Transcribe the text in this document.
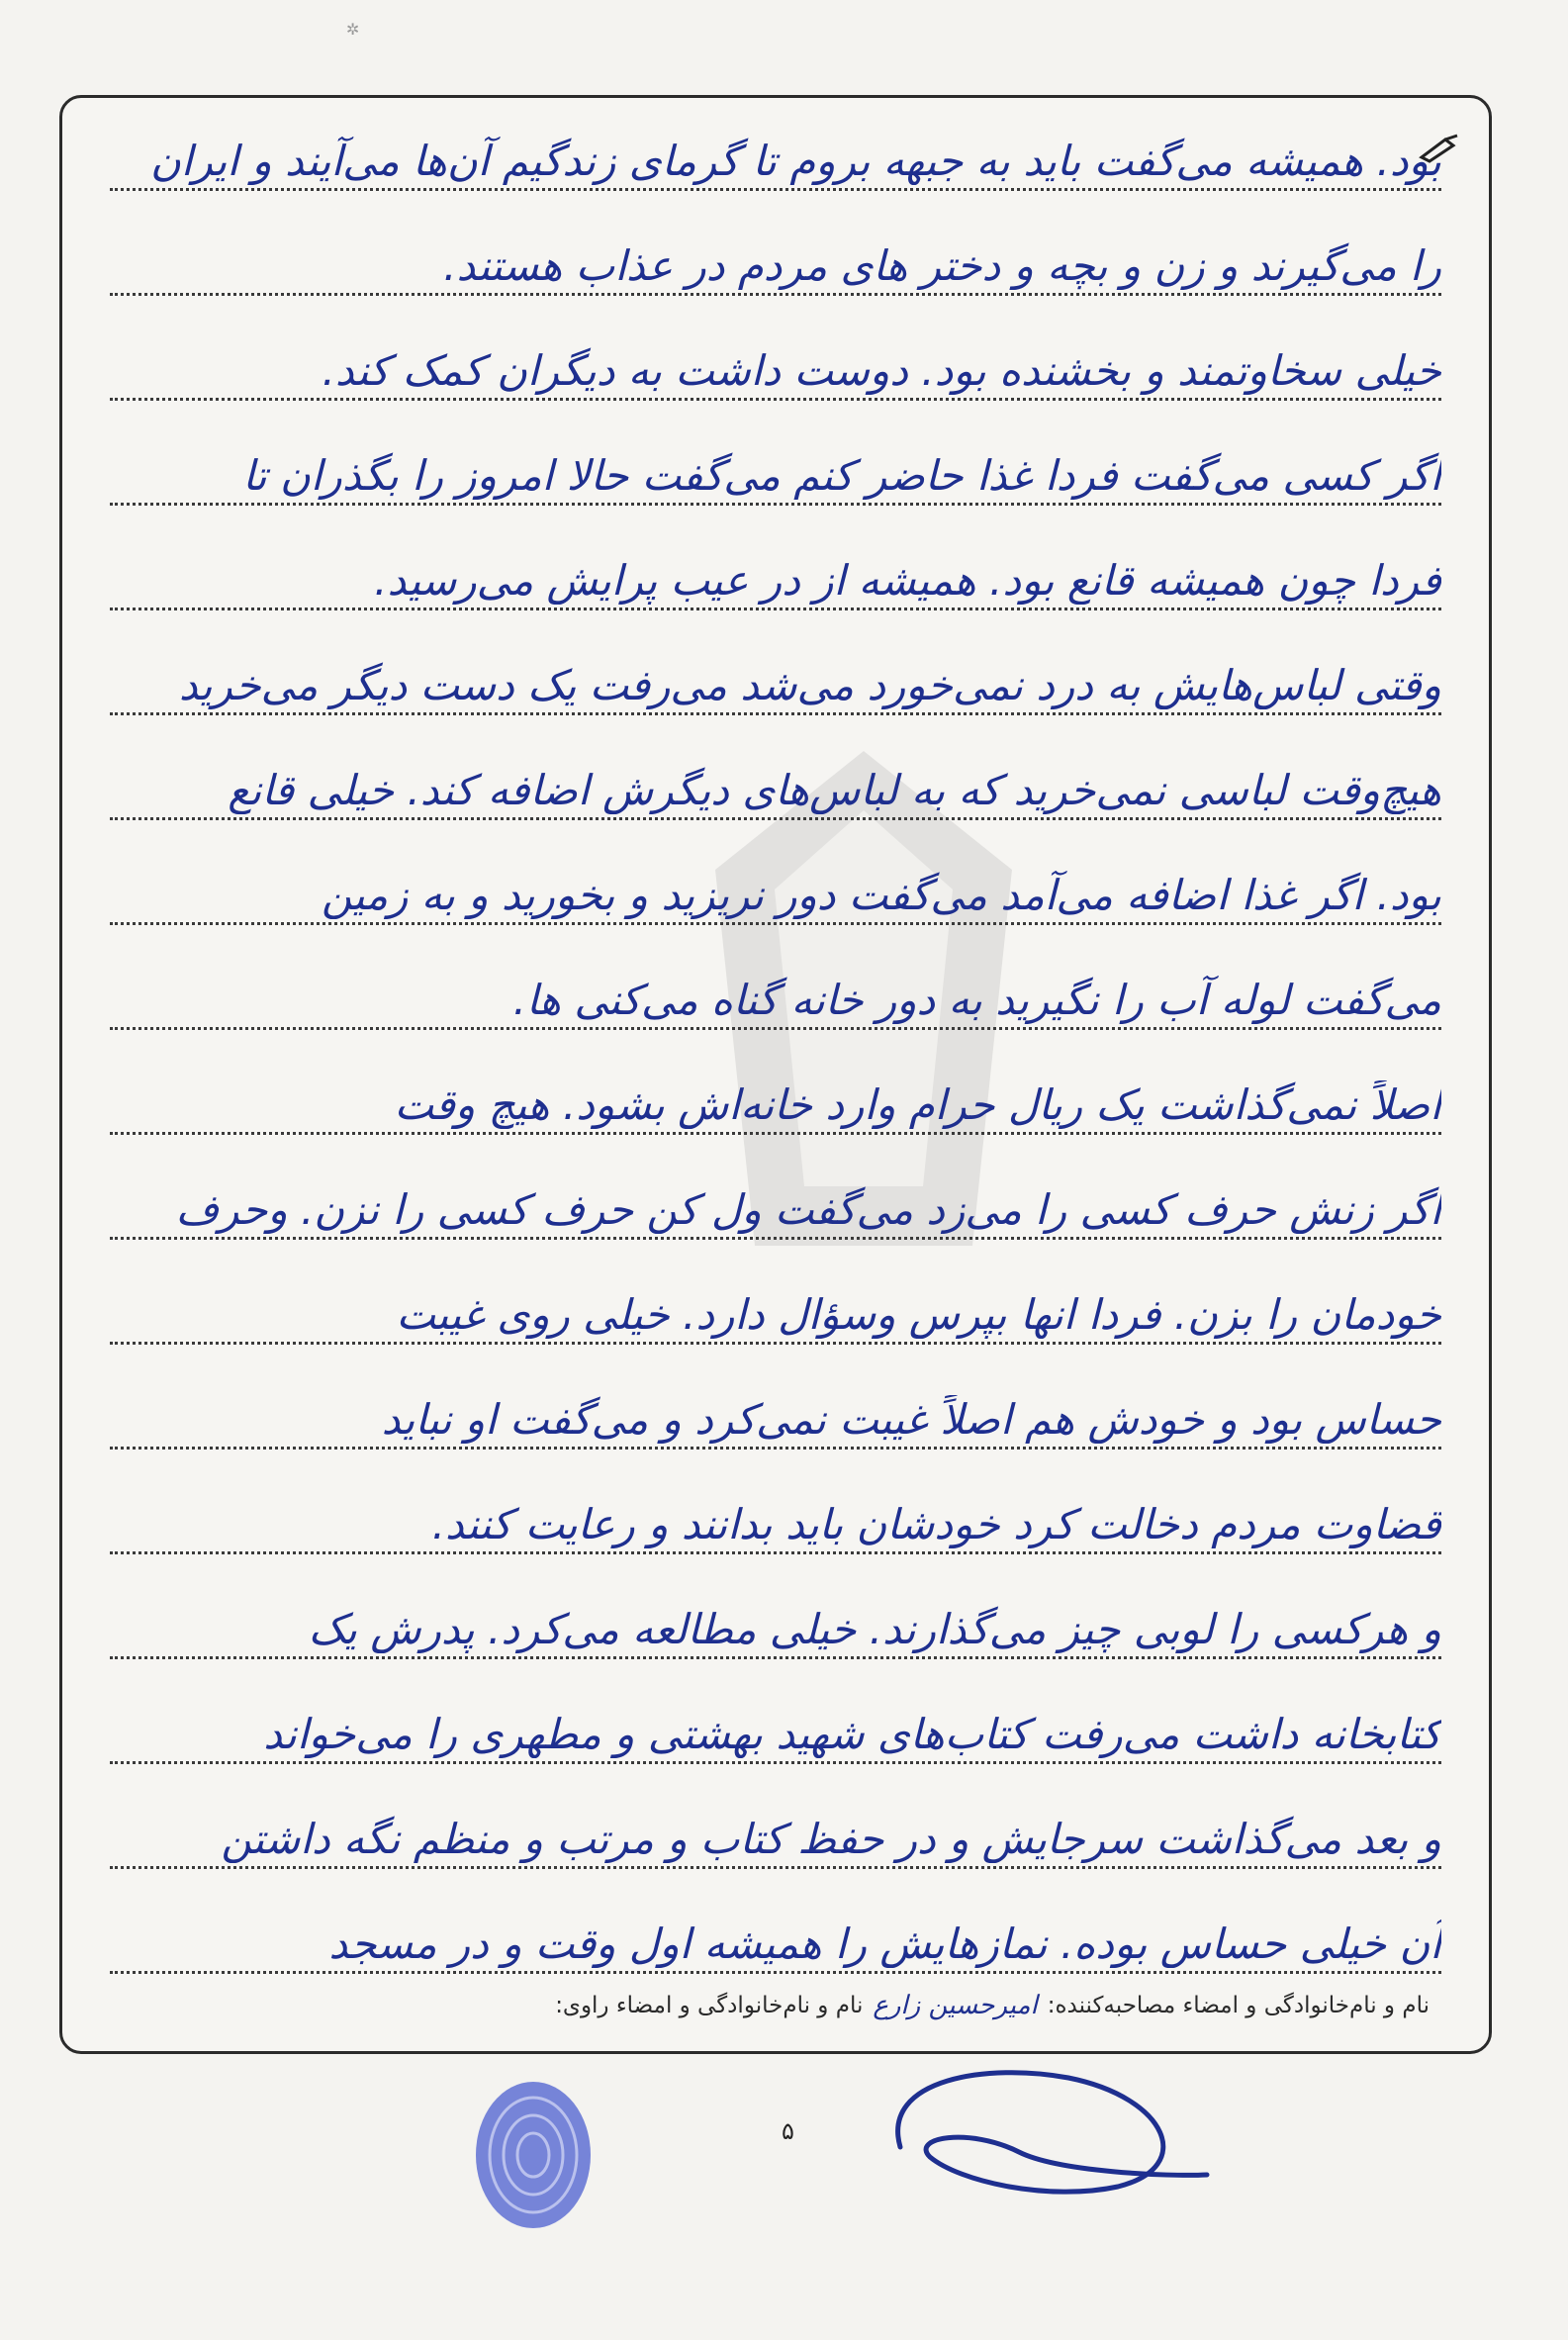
✲
بود. همیشه می‌گفت باید به جبهه بروم تا گرمای زندگیم آن‌ها می‌آیند و ایران
را می‌گیرند و زن و بچه و دختر های مردم در عذاب هستند.
خیلی سخاوتمند و بخشنده بود. دوست داشت به دیگران کمک کند.
اگر کسی می‌گفت فردا غذا حاضر کنم می‌گفت حالا امروز را بگذران تا
فردا چون همیشه قانع بود. همیشه از در عیب پرایش می‌رسید.
وقتی لباس‌هایش به درد نمی‌خورد می‌شد می‌رفت یک دست دیگر می‌خرید
هیچ‌وقت لباسی نمی‌خرید که به لباس‌های دیگرش اضافه کند. خیلی قانع
بود. اگر غذا اضافه می‌آمد می‌گفت دور نریزید و بخورید و به زمین
می‌گفت لوله آب را نگیرید به دور خانه گناه می‌کنی ها.
اصلاً نمی‌گذاشت یک ریال حرام وارد خانه‌اش بشود. هیچ وقت
اگر زنش حرف کسی را می‌زد می‌گفت ول کن حرف کسی را نزن. وحرف
خودمان را بزن. فردا انها بپرس وسؤال دارد. خیلی روی غیبت
حساس بود و خودش هم اصلاً غیبت نمی‌کرد و می‌گفت او نباید
قضاوت مردم دخالت کرد خودشان باید بدانند و رعایت کنند.
و هرکسی را لوبی چیز می‌گذارند. خیلی مطالعه می‌کرد. پدرش یک
کتابخانه داشت می‌رفت کتاب‌های شهید بهشتی و مطهری را می‌خواند
و بعد می‌گذاشت سرجایش و در حفظ کتاب و مرتب و منظم نگه داشتن
آن خیلی حساس بوده. نمازهایش را همیشه اول وقت و در مسجد
نام و نام‌خانوادگی و امضاء مصاحبه‌کننده:
امیرحسین زارع
نام و نام‌خانوادگی و امضاء راوی:
۵
